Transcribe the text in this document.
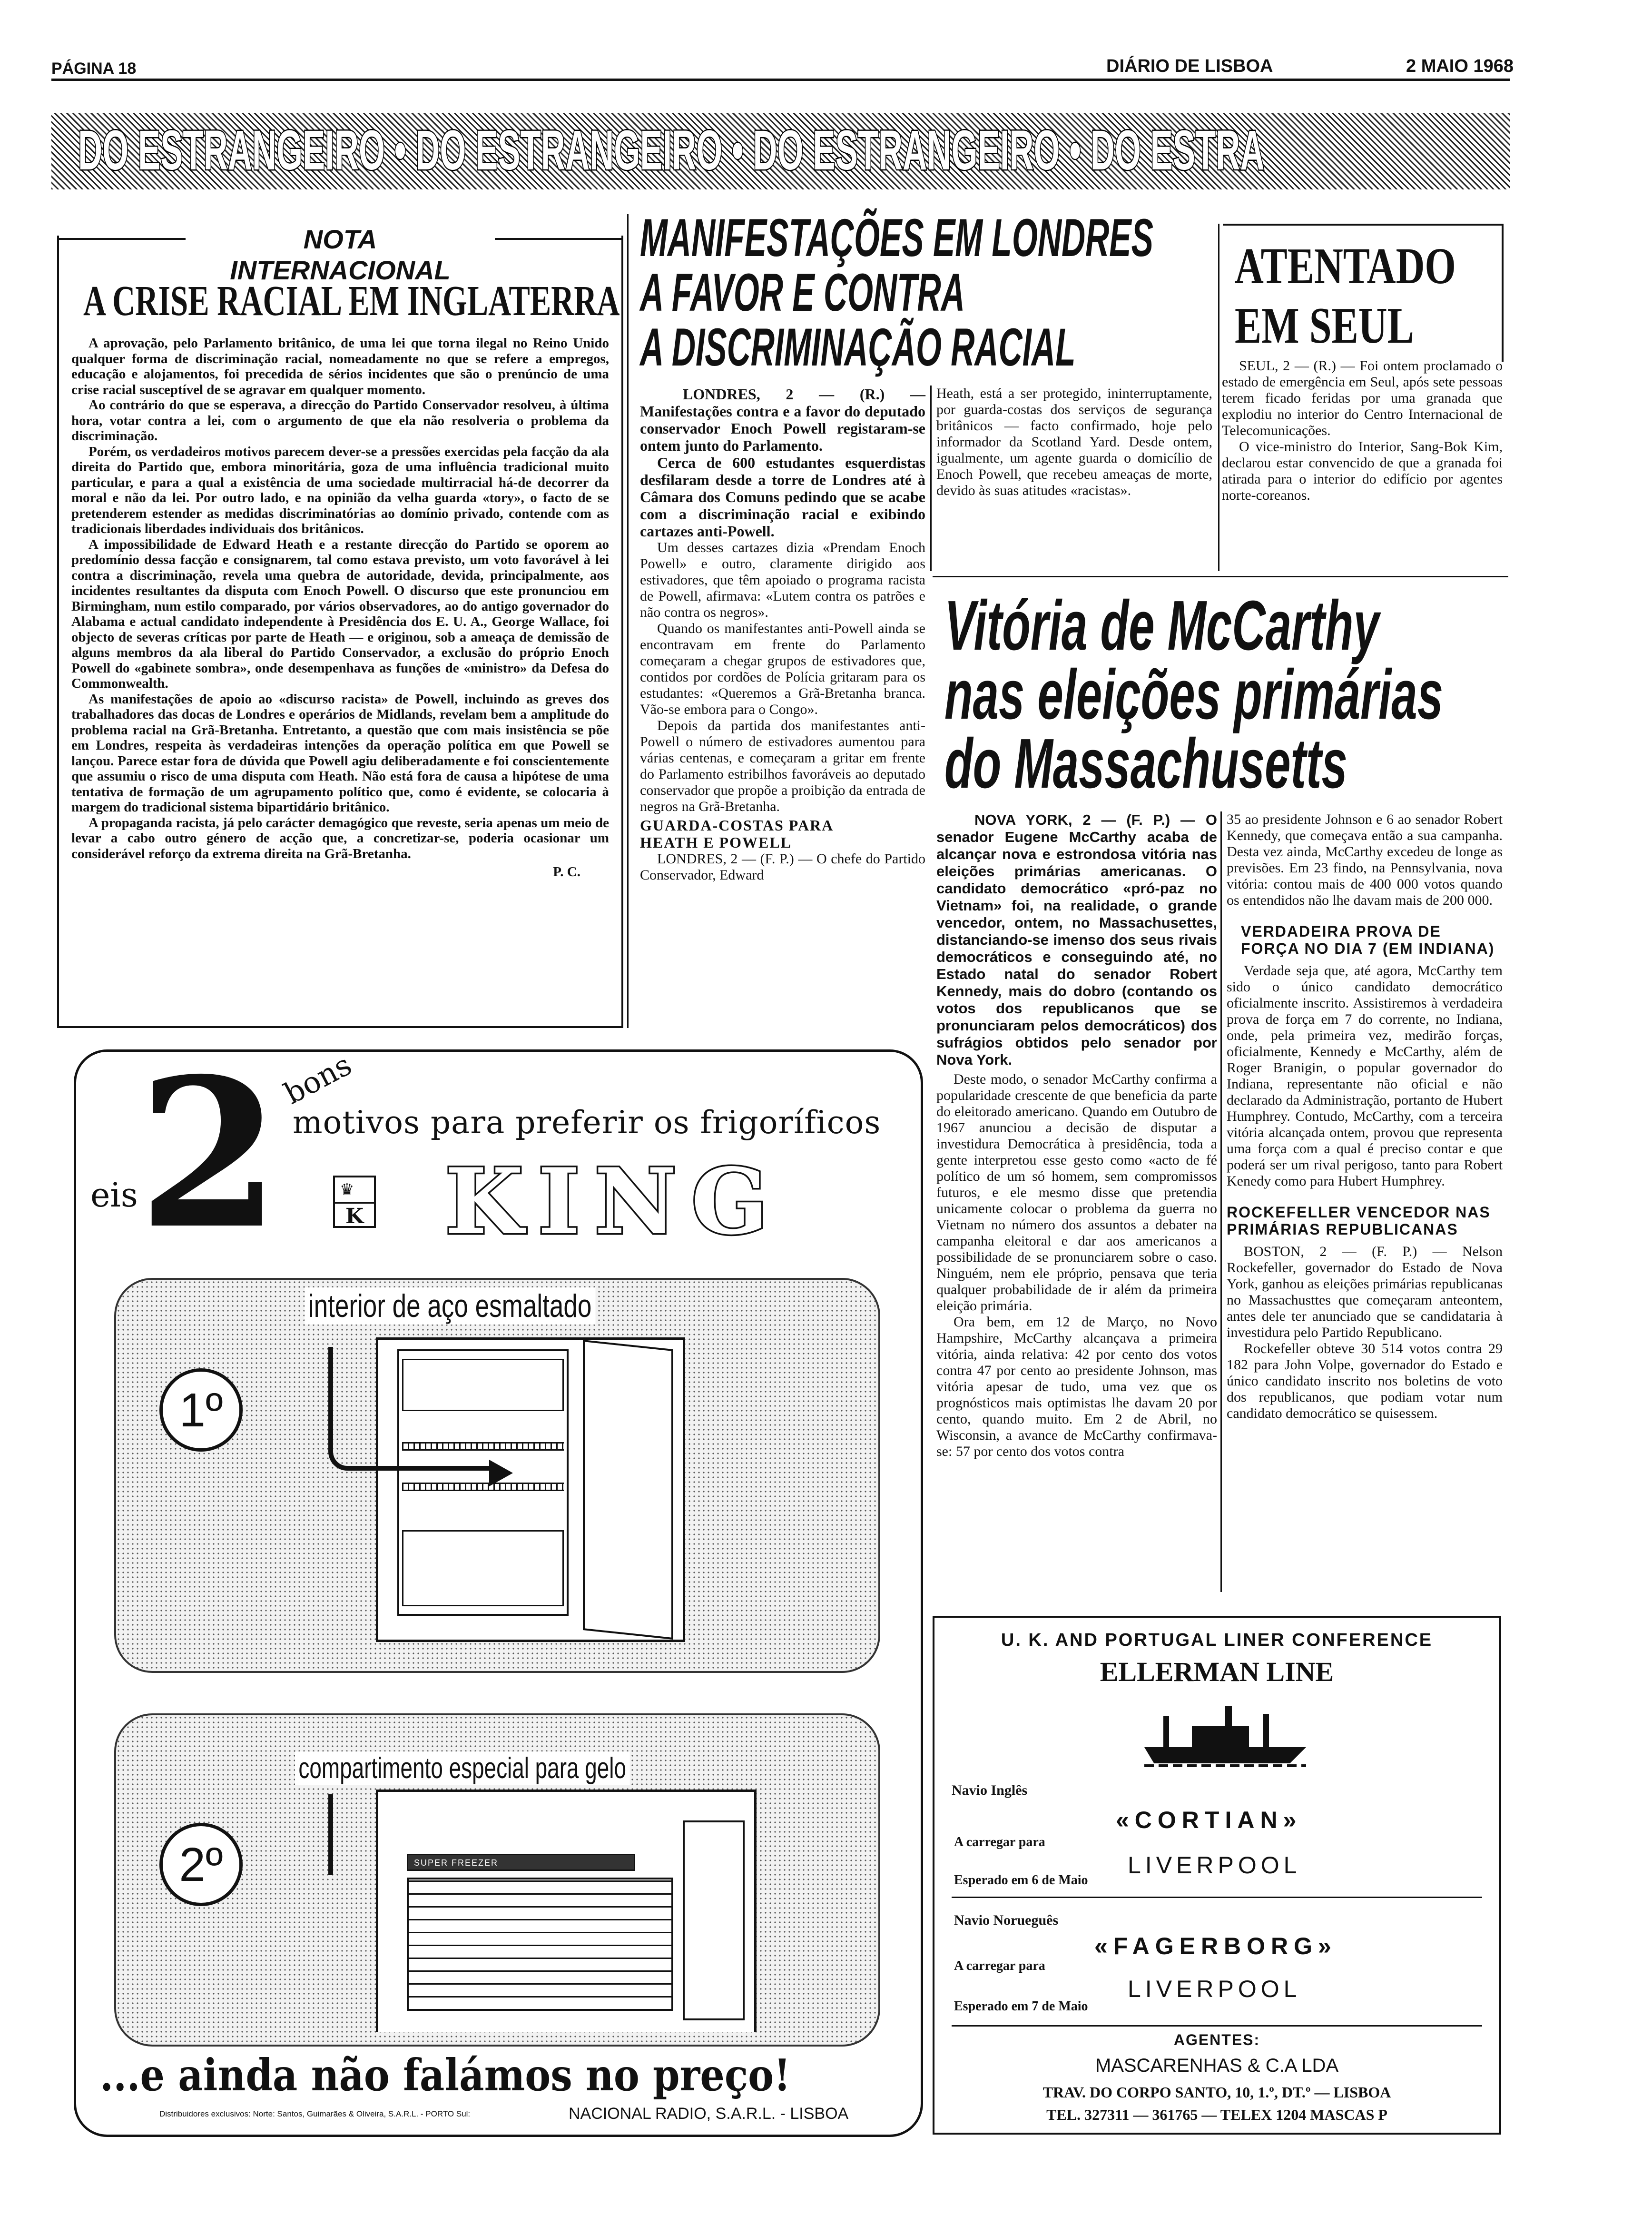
PÁGINA 18	DIÁRIO DE LISBOA	2 MAIO 1968
DO ESTRANGEIRO • DO ESTRANGEIRO • DO ESTRANGEIRO • DO ESTRA
NOTA INTERNACIONAL
A CRISE RACIAL EM INGLATERRA

A aprovação, pelo Parlamento britânico, de uma lei que torna ilegal no Reino Unido qualquer forma de discriminação racial, nomeadamente no que se refere a empregos, educação e alojamentos, foi precedida de sérios incidentes que são o prenúncio de uma crise racial susceptível de se agravar em qualquer momento.

Ao contrário do que se esperava, a direcção do Partido Conservador resolveu, à última hora, votar contra a lei, com o argumento de que ela não resolveria o problema da discriminação.

Porém, os verdadeiros motivos parecem dever-se a pressões exercidas pela facção da ala direita do Partido que, embora minoritária, goza de uma influência tradicional muito particular, e para a qual a existência de uma sociedade multirracial há-de decorrer da moral e não da lei. Por outro lado, e na opinião da velha guarda «tory», o facto de se pretenderem estender as medidas discriminatórias ao domínio privado, contende com as tradicionais liberdades individuais dos britânicos.

A impossibilidade de Edward Heath e a restante direcção do Partido se oporem ao predomínio dessa facção e consignarem, tal como estava previsto, um voto favorável à lei contra a discriminação, revela uma quebra de autoridade, devida, principalmente, aos incidentes resultantes da disputa com Enoch Powell. O discurso que este pronunciou em Birmingham, num estilo comparado, por vários observadores, ao do antigo governador do Alabama e actual candidato independente à Presidência dos E. U. A., George Wallace, foi objecto de severas críticas por parte de Heath — e originou, sob a ameaça de demissão de alguns membros da ala liberal do Partido Conservador, a exclusão do próprio Enoch Powell do «gabinete sombra», onde desempenhava as funções de «ministro» da Defesa do Commonwealth.

As manifestações de apoio ao «discurso racista» de Powell, incluindo as greves dos trabalhadores das docas de Londres e operários de Midlands, revelam bem a amplitude do problema racial na Grã-Bretanha. Entretanto, a questão que com mais insistência se põe em Londres, respeita às verdadeiras intenções da operação política em que Powell se lançou. Parece estar fora de dúvida que Powell agiu deliberadamente e foi conscientemente que assumiu o risco de uma disputa com Heath. Não está fora de causa a hipótese de uma tentativa de formação de um agrupamento político que, como é evidente, se colocaria à margem do tradicional sistema bipartidário britânico.

A propaganda racista, já pelo carácter demagógico que reveste, seria apenas um meio de levar a cabo outro género de acção que, a concretizar-se, poderia ocasionar um considerável reforço da extrema direita na Grã-Bretanha.

P. C.

MANIFESTAÇÕES EM LONDRES
A FAVOR E CONTRA
A DISCRIMINAÇÃO RACIAL
LONDRES, 2 — (R.) — Manifestações contra e a favor do deputado conservador Enoch Powell registaram-se ontem junto do Parlamento.
Cerca de 600 estudantes esquerdistas desfilaram desde a torre de Londres até à Câmara dos Comuns pedindo que se acabe com a discriminação racial e exibindo cartazes anti-Powell.

Um desses cartazes dizia «Prendam Enoch Powell» e outro, claramente dirigido aos estivadores, que têm apoiado o programa racista de Powell, afirmava: «Lutem contra os patrões e não contra os negros».

Quando os manifestantes anti-Powell ainda se encontravam em frente do Parlamento começaram a chegar grupos de estivadores que, contidos por cordões de Polícia gritaram para os estudantes: «Queremos a Grã-Bretanha branca. Vão-se embora para o Congo».

Depois da partida dos manifestantes anti-Powell o número de estivadores aumentou para várias centenas, e começaram a gritar em frente do Parlamento estribilhos favoráveis ao deputado conservador que propõe a proibição da entrada de negros na Grã-Bretanha.

GUARDA-COSTAS PARA HEATH E POWELL
LONDRES, 2 — (F. P.) — O chefe do Partido Conservador, Edward
Heath, está a ser protegido, ininterruptamente, por guarda-costas dos serviços de segurança britânicos — facto confirmado, hoje pelo informador da Scotland Yard. Desde ontem, igualmente, um agente guarda o domicílio de Enoch Powell, que recebeu ameaças de morte, devido às suas atitudes «racistas».
ATENTADO
EM SEUL

SEUL, 2 — (R.) — Foi ontem proclamado o estado de emergência em Seul, após sete pessoas terem ficado feridas por uma granada que explodiu no interior do Centro Internacional de Telecomunicações.

O vice-ministro do Interior, Sang-Bok Kim, declarou estar convencido de que a granada foi atirada para o interior do edifício por agentes norte-coreanos.

Vitória de McCarthy
nas eleições primárias
do Massachusetts
NOVA YORK, 2 — (F. P.) — O senador Eugene McCarthy acaba de alcançar nova e estrondosa vitória nas eleições primárias americanas. O candidato democrático «pró-paz no Vietnam» foi, na realidade, o grande vencedor, ontem, no Massachusettes, distanciando-se imenso dos seus rivais democráticos e conseguindo até, no Estado natal do senador Robert Kennedy, mais do dobro (contando os votos dos republicanos que se pronunciaram pelos democráticos) dos sufrágios obtidos pelo senador por Nova York.

Deste modo, o senador McCarthy confirma a popularidade crescente de que beneficia da parte do eleitorado americano. Quando em Outubro de 1967 anunciou a decisão de disputar a investidura Democrática à presidência, toda a gente interpretou esse gesto como «acto de fé político de um só homem, sem compromissos futuros, e ele mesmo disse que pretendia unicamente colocar o problema da guerra no Vietnam no número dos assuntos a debater na campanha eleitoral e dar aos americanos a possibilidade de se pronunciarem sobre o caso. Ninguém, nem ele próprio, pensava que teria qualquer probabilidade de ir além da primeira eleição primária.

Ora bem, em 12 de Março, no Novo Hampshire, McCarthy alcançava a primeira vitória, ainda relativa: 42 por cento dos votos contra 47 por cento ao presidente Johnson, mas vitória apesar de tudo, uma vez que os prognósticos mais optimistas lhe davam 20 por cento, quando muito. Em 2 de Abril, no Wisconsin, a avance de McCarthy confirmava-se: 57 por cento dos votos contra

35 ao presidente Johnson e 6 ao senador Robert Kennedy, que começava então a sua campanha. Desta vez ainda, McCarthy excedeu de longe as previsões. Em 23 findo, na Pennsylvania, nova vitória: contou mais de 400 000 votos quando os entendidos não lhe davam mais de 200 000.
VERDADEIRA PROVA DE FORÇA NO DIA 7 (EM INDIANA)
Verdade seja que, até agora, McCarthy tem sido o único candidato democrático oficialmente inscrito. Assistiremos à verdadeira prova de força em 7 do corrente, no Indiana, onde, pela primeira vez, medirão forças, oficialmente, Kennedy e McCarthy, além de Roger Branigin, o popular governador do Indiana, representante não oficial e não declarado da Administração, portanto de Hubert Humphrey. Contudo, McCarthy, com a terceira vitória alcançada ontem, provou que representa uma força com a qual é preciso contar e que poderá ser um rival perigoso, tanto para Robert Kenedy como para Hubert Humphrey.
ROCKEFELLER VENCEDOR NAS PRIMÁRIAS REPUBLICANAS

BOSTON, 2 — (F. P.) — Nelson Rockefeller, governador do Estado de Nova York, ganhou as eleições primárias republicanas no Massachusttes que começaram anteontem, antes dele ter anunciado que se candidataria à investidura pelo Partido Republicano.

Rockefeller obteve 30 514 votos contra 29 182 para John Volpe, governador do Estado e único candidato inscrito nos boletins de voto dos republicanos, que podiam votar num candidato democrático se quisessem.

eis 2
bons
motivos para preferir os frigoríficos
♛
K KING
interior de aço esmaltado
1º
compartimento especial para gelo
2º	SUPER FREEZER
...e ainda não falámos no preço!
Distribuidores exclusivos: Norte: Santos, Guimarães & Oliveira, S.A.R.L. - PORTO Sul:	NACIONAL RADIO, S.A.R.L. - LISBOA
U. K. AND PORTUGAL LINER CONFERENCE
ELLERMAN LINE
Navio Inglês
«CORTIAN»
A carregar para
LIVERPOOL
Esperado em 6 de Maio
Navio Norueguês
«FAGERBORG»
A carregar para
LIVERPOOL
Esperado em 7 de Maio
AGENTES:
MASCARENHAS & C.A LDA
TRAV. DO CORPO SANTO, 10, 1.º, DT.º — LISBOA
TEL. 327311 — 361765 — TELEX 1204 MASCAS P
